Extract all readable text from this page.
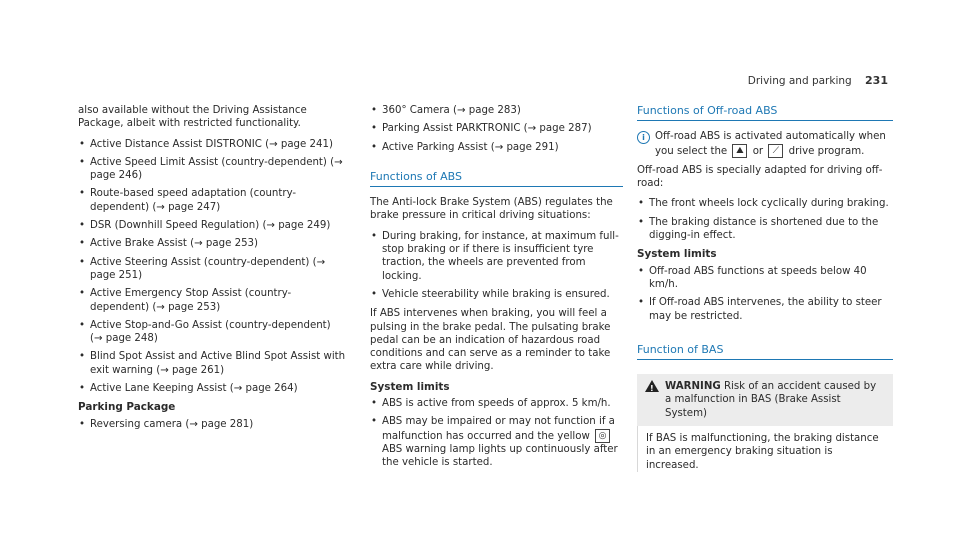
Driving and parking 231

also available without the Driving Assistance Package, albeit with restricted functionality.

• Active Distance Assist DISTRONIC (→ page 241)
• Active Speed Limit Assist (country-dependent) (→ page 246)
• Route-based speed adaptation (country-dependent) (→ page 247)
• DSR (Downhill Speed Regulation) (→ page 249)
• Active Brake Assist (→ page 253)
• Active Steering Assist (country-dependent) (→ page 251)
• Active Emergency Stop Assist (country-dependent) (→ page 253)
• Active Stop-and-Go Assist (country-dependent) (→ page 248)
• Blind Spot Assist and Active Blind Spot Assist with exit warning (→ page 261)
• Active Lane Keeping Assist (→ page 264)
Parking Package
• Reversing camera (→ page 281)
• 360° Camera (→ page 283)
• Parking Assist PARKTRONIC (→ page 287)
• Active Parking Assist (→ page 291)
Functions of ABS

The Anti-lock Brake System (ABS) regulates the brake pressure in critical driving situations:

• During braking, for instance, at maximum full-stop braking or if there is insufficient tyre traction, the wheels are prevented from locking.
• Vehicle steerability while braking is ensured.

If ABS intervenes when braking, you will feel a pulsing in the brake pedal. The pulsating brake pedal can be an indication of hazardous road conditions and can serve as a reminder to take extra care while driving.

System limits
• ABS is active from speeds of approx. 5 km/h.
• ABS may be impaired or may not function if a malfunction has occurred and the yellow ◎ ABS warning lamp lights up continuously after the vehicle is started.
Functions of Off-road ABS
i Off-road ABS is activated automatically when you select the ⛰ or ⟋ drive program.

Off-road ABS is specially adapted for driving off-road:

• The front wheels lock cyclically during braking.
• The braking distance is shortened due to the digging-in effect.
System limits
• Off-road ABS functions at speeds below 40 km/h.
• If Off-road ABS intervenes, the ability to steer may be restricted.
Function of BAS
!
WARNING Risk of an accident caused by a malfunction in BAS (Brake Assist System)
If BAS is malfunctioning, the braking distance in an emergency braking situation is increased.
